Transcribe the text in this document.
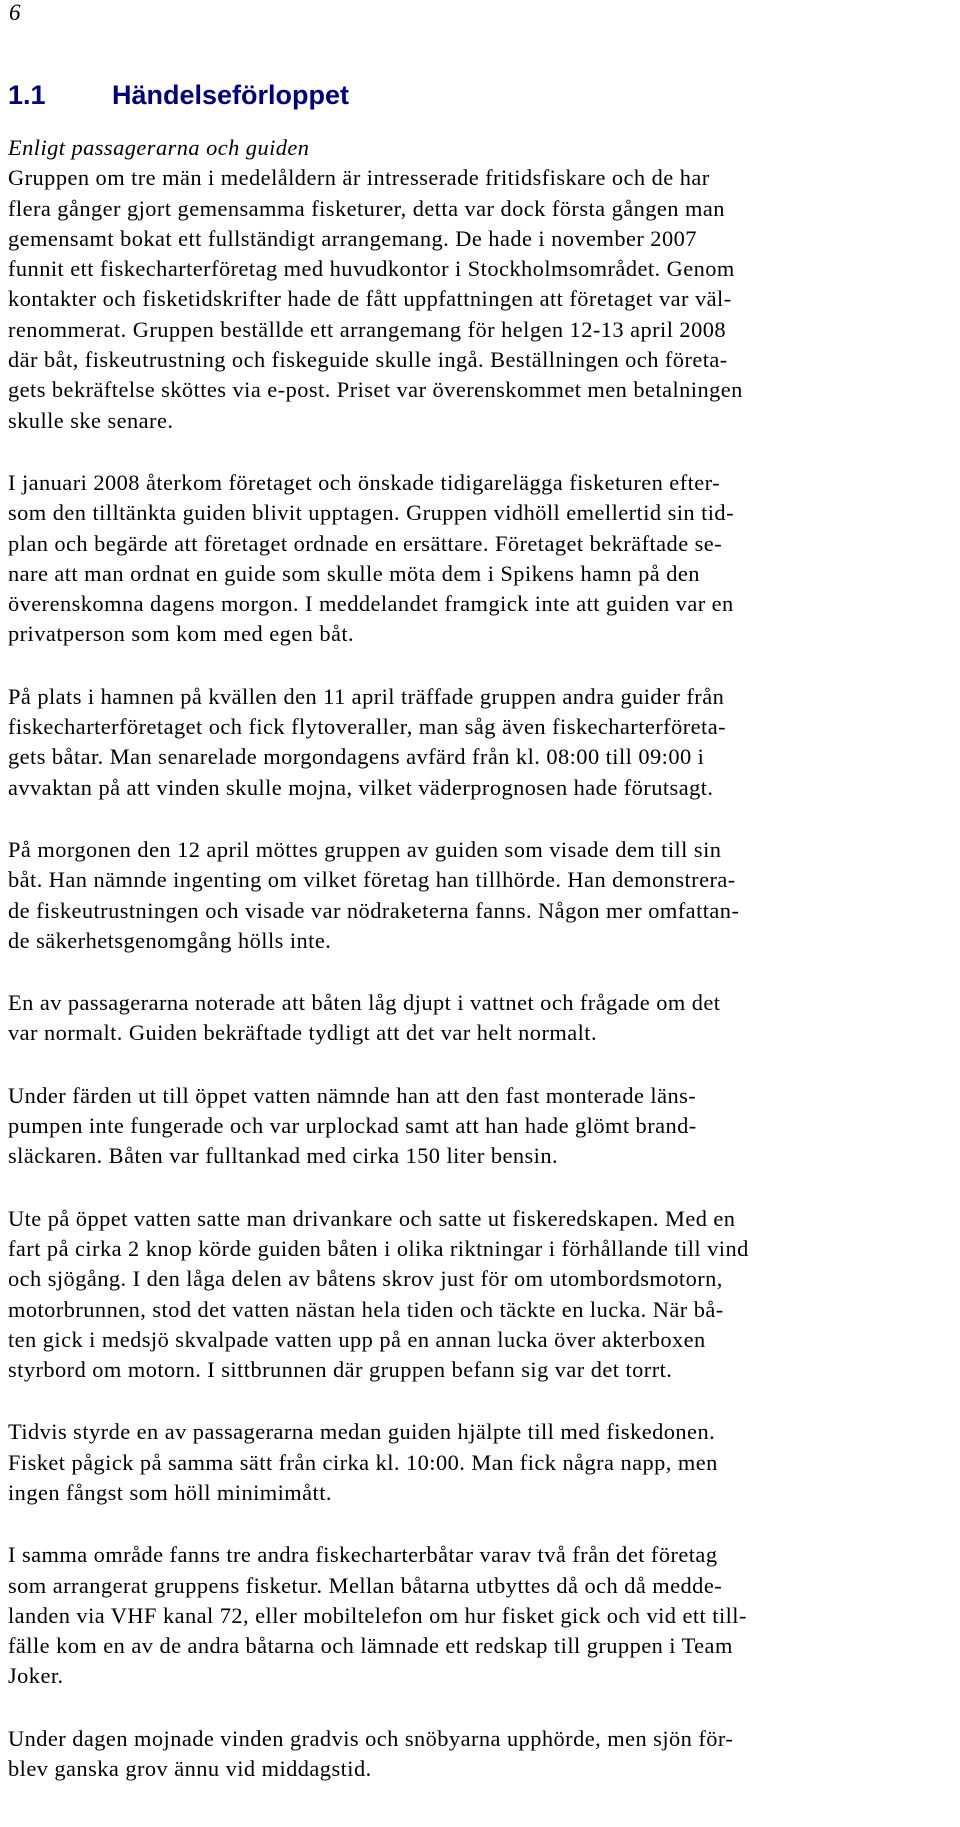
6
1.1 Händelseförloppet
Enligt passagerarna och guiden
Gruppen om tre män i medelåldern är intresserade fritidsfiskare och de har
flera gånger gjort gemensamma fisketurer, detta var dock första gången man
gemensamt bokat ett fullständigt arrangemang. De hade i november 2007
funnit ett fiskecharterföretag med huvudkontor i Stockholmsområdet. Genom
kontakter och fisketidskrifter hade de fått uppfattningen att företaget var väl-
renommerat. Gruppen beställde ett arrangemang för helgen 12-13 april 2008
där båt, fiskeutrustning och fiskeguide skulle ingå. Beställningen och företa-
gets bekräftelse sköttes via e-post. Priset var överenskommet men betalningen
skulle ske senare.
I januari 2008 återkom företaget och önskade tidigarelägga fisketuren efter-
som den tilltänkta guiden blivit upptagen. Gruppen vidhöll emellertid sin tid-
plan och begärde att företaget ordnade en ersättare. Företaget bekräftade se-
nare att man ordnat en guide som skulle möta dem i Spikens hamn på den
överenskomna dagens morgon. I meddelandet framgick inte att guiden var en
privatperson som kom med egen båt.
På plats i hamnen på kvällen den 11 april träffade gruppen andra guider från
fiskecharterföretaget och fick flytoveraller, man såg även fiskecharterföreta-
gets båtar. Man senarelade morgondagens avfärd från kl. 08:00 till 09:00 i
avvaktan på att vinden skulle mojna, vilket väderprognosen hade förutsagt.
På morgonen den 12 april möttes gruppen av guiden som visade dem till sin
båt. Han nämnde ingenting om vilket företag han tillhörde. Han demonstrera-
de fiskeutrustningen och visade var nödraketerna fanns. Någon mer omfattan-
de säkerhetsgenomgång hölls inte.
En av passagerarna noterade att båten låg djupt i vattnet och frågade om det
var normalt. Guiden bekräftade tydligt att det var helt normalt.
Under färden ut till öppet vatten nämnde han att den fast monterade läns-
pumpen inte fungerade och var urplockad samt att han hade glömt brand-
släckaren. Båten var fulltankad med cirka 150 liter bensin.
Ute på öppet vatten satte man drivankare och satte ut fiskeredskapen. Med en
fart på cirka 2 knop körde guiden båten i olika riktningar i förhållande till vind
och sjögång. I den låga delen av båtens skrov just för om utombordsmotorn,
motorbrunnen, stod det vatten nästan hela tiden och täckte en lucka. När bå-
ten gick i medsjö skvalpade vatten upp på en annan lucka över akterboxen
styrbord om motorn. I sittbrunnen där gruppen befann sig var det torrt.
Tidvis styrde en av passagerarna medan guiden hjälpte till med fiskedonen.
Fisket pågick på samma sätt från cirka kl. 10:00. Man fick några napp, men
ingen fångst som höll minimimått.
I samma område fanns tre andra fiskecharterbåtar varav två från det företag
som arrangerat gruppens fisketur. Mellan båtarna utbyttes då och då medde-
landen via VHF kanal 72, eller mobiltelefon om hur fisket gick och vid ett till-
fälle kom en av de andra båtarna och lämnade ett redskap till gruppen i Team
Joker.
Under dagen mojnade vinden gradvis och snöbyarna upphörde, men sjön för-
blev ganska grov ännu vid middagstid.
